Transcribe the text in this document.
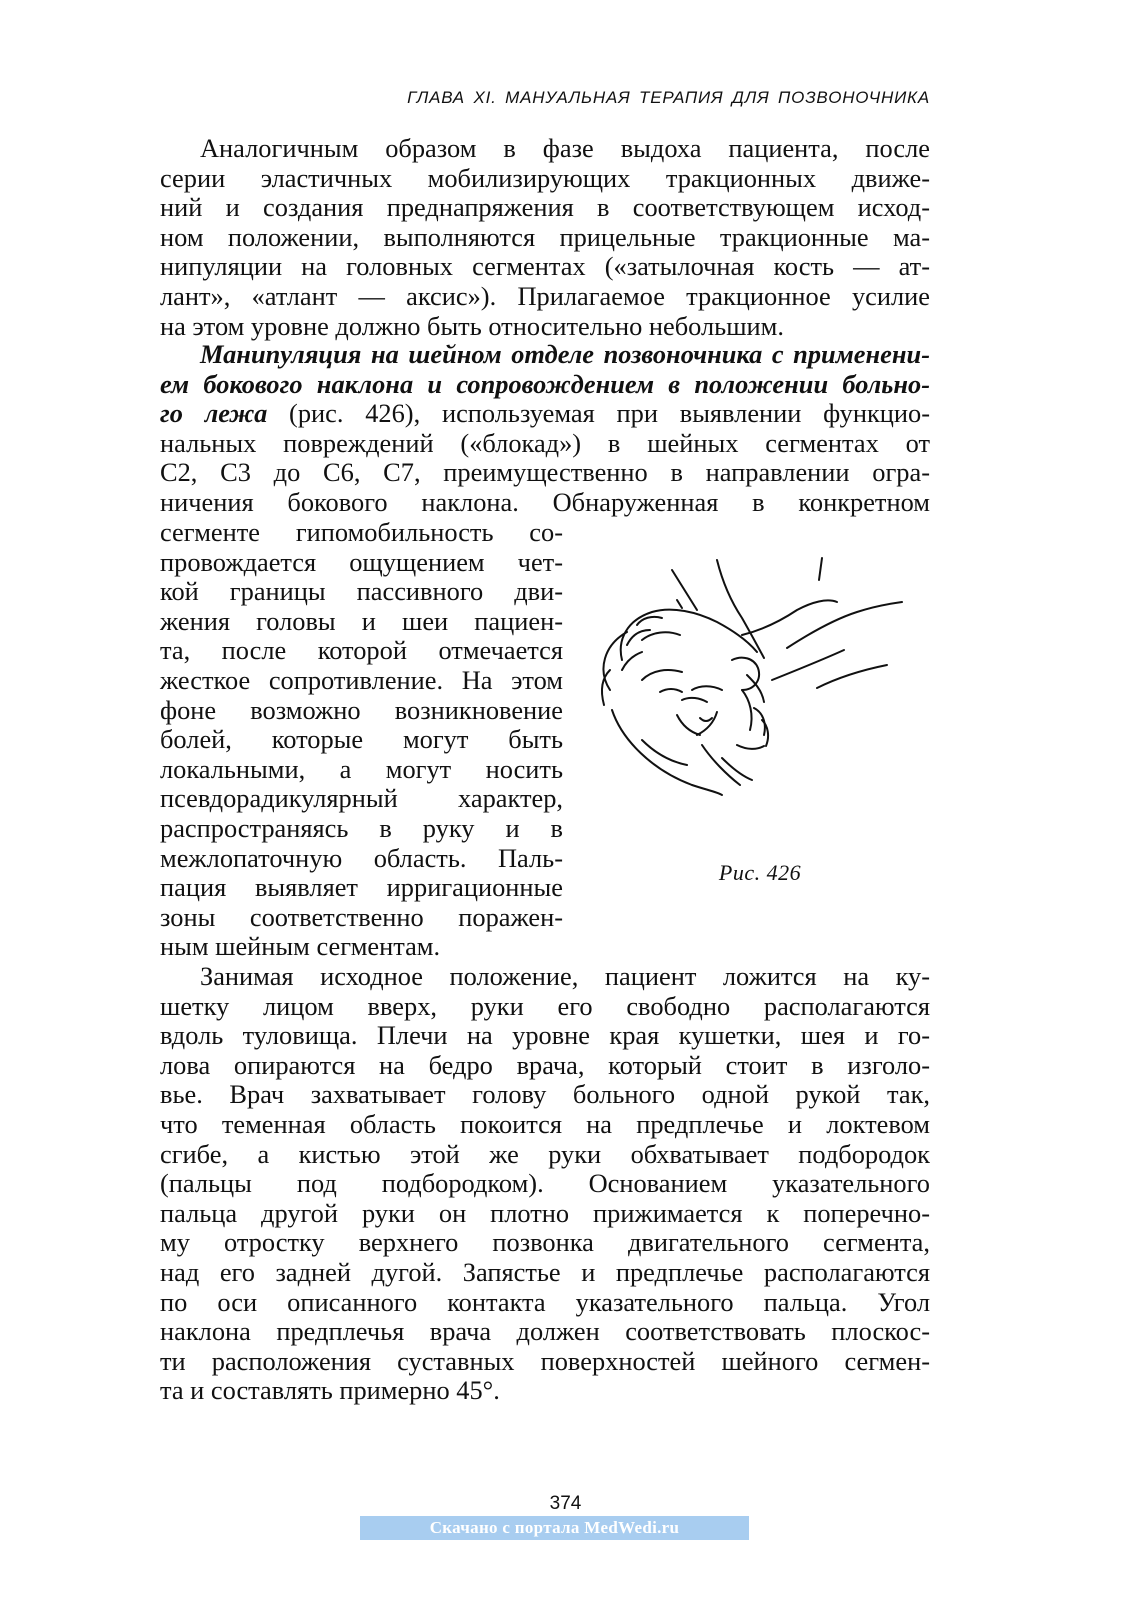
ГЛАВА XI. МАНУАЛЬНАЯ ТЕРАПИЯ ДЛЯ ПОЗВОНОЧНИКА
Аналогичным образом в фазе выдоха пациента, после
серии эластичных мобилизирующих тракционных движе-
ний и создания преднапряжения в соответствующем исход-
ном положении, выполняются прицельные тракционные ма-
нипуляции на головных сегментах («затылочная кость — ат-
лант», «атлант — аксис»). Прилагаемое тракционное усилие
на этом уровне должно быть относительно небольшим.
Манипуляция на шейном отделе позвоночника с применени-
ем бокового наклона и сопровождением в положении больно-
го лежа (рис. 426), используемая при выявлении функцио-
нальных повреждений («блокад») в шейных сегментах от
С2, С3 до С6, С7, преимущественно в направлении огра-
ничения бокового наклона. Обнаруженная в конкретном
сегменте гипомобильность со-
провождается ощущением чет-
кой границы пассивного дви-
жения головы и шеи пациен-
та, после которой отмечается
жесткое сопротивление. На этом
фоне возможно возникновение
болей, которые могут быть
локальными, а могут носить
псевдорадикулярный характер,
распространяясь в руку и в
межлопаточную область. Паль-
пация выявляет ирригационные
зоны соответственно поражен-
ным шейным сегментам.
Рис. 426
Занимая исходное положение, пациент ложится на ку-
шетку лицом вверх, руки его свободно располагаются
вдоль туловища. Плечи на уровне края кушетки, шея и го-
лова опираются на бедро врача, который стоит в изголо-
вье. Врач захватывает голову больного одной рукой так,
что теменная область покоится на предплечье и локтевом
сгибе, а кистью этой же руки обхватывает подбородок
(пальцы под подбородком). Основанием указательного
пальца другой руки он плотно прижимается к поперечно-
му отростку верхнего позвонка двигательного сегмента,
над его задней дугой. Запястье и предплечье располагаются
по оси описанного контакта указательного пальца. Угол
наклона предплечья врача должен соответствовать плоскос-
ти расположения суставных поверхностей шейного сегмен-
та и составлять примерно 45°.
374
Скачано с портала MedWedi.ru
